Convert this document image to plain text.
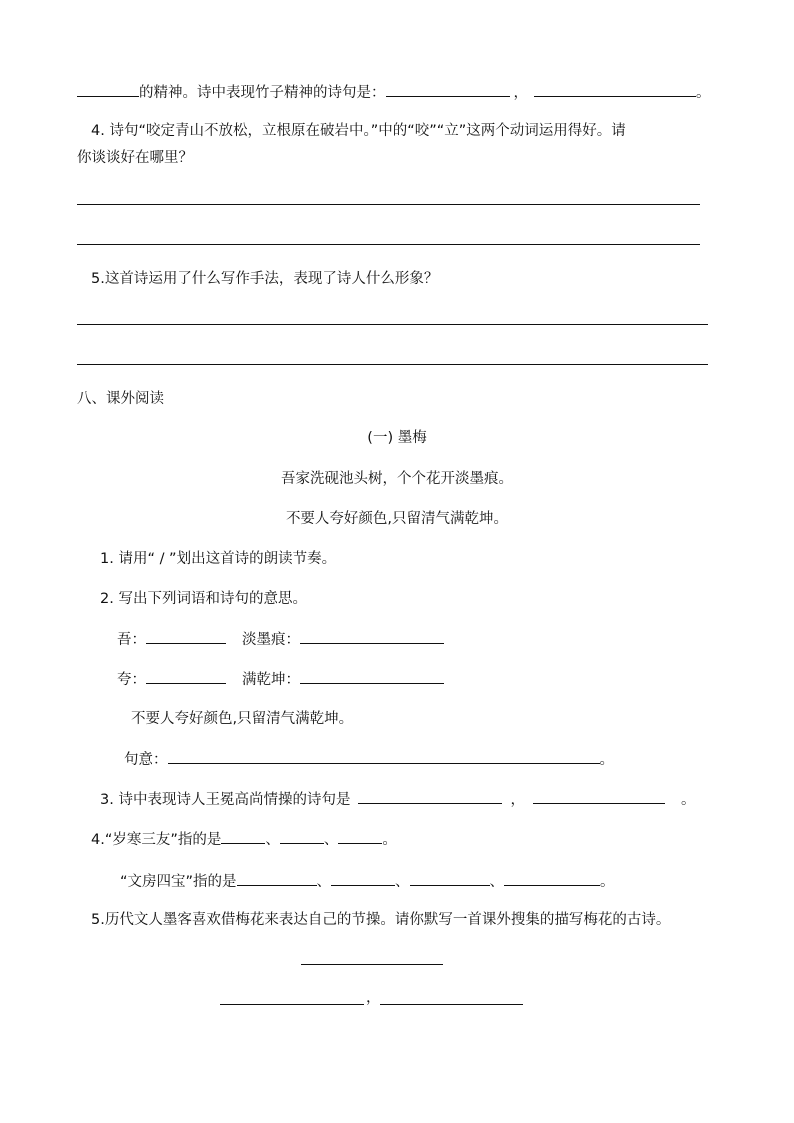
的精神。诗中表现竹子精神的诗句是：	，	。
4. 诗句“咬定青山不放松，立根原在破岩中。”中的“咬”“立”这两个动词运用得好。请
你谈谈好在哪里？
5.这首诗运用了什么写作手法，表现了诗人什么形象？
八、课外阅读
(一) 墨梅
吾家洗砚池头树，个个花开淡墨痕。
不要人夸好颜色,只留清气满乾坤。
1. 请用“ / ”划出这首诗的朗读节奏。
2. 写出下列词语和诗句的意思。
吾：	淡墨痕：
夸：	满乾坤：
不要人夸好颜色,只留清气满乾坤。
句意：	。
3. 诗中表现诗人王冕高尚情操的诗句是	，	。
4.“岁寒三友”指的是	、	、	。
“文房四宝”指的是	、	、	、	。
5.历代文人墨客喜欢借梅花来表达自己的节操。请你默写一首课外搜集的描写梅花的古诗。
，
